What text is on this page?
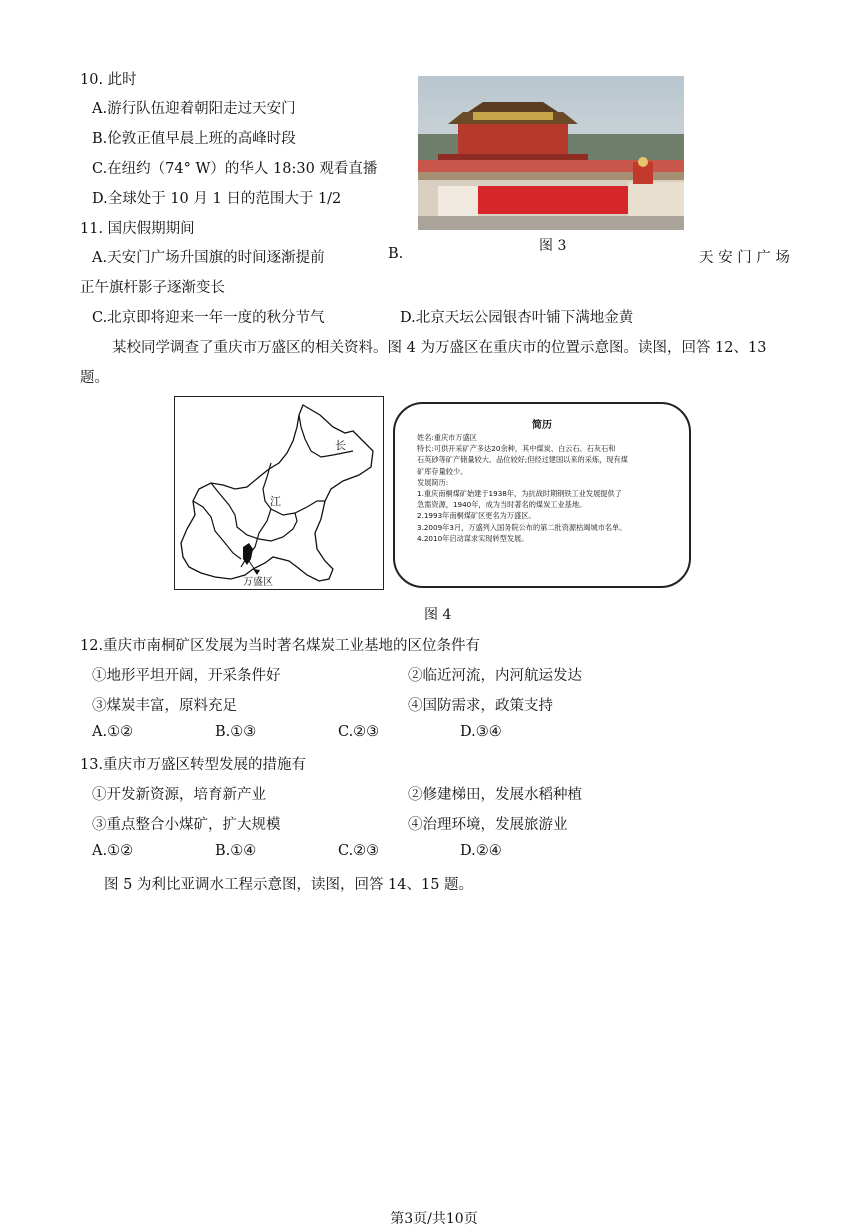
10. 此时
A.游行队伍迎着朝阳走过天安门
B.伦敦正值早晨上班的高峰时段
C.在纽约（74° W）的华人 18:30 观看直播
D.全球处于 10 月 1 日的范围大于 1/2
图 3
11. 国庆假期期间
A.天安门广场升国旗的时间逐渐提前	B.	天 安 门 广 场
正午旗杆影子逐渐变长
C.北京即将迎来一年一度的秋分节气	D.北京天坛公园银杏叶铺下满地金黄
某校同学调查了重庆市万盛区的相关资料。图 4 为万盛区在重庆市的位置示意图。读图，回答 12、13
题。
长
江
万盛区
简历
姓名:重庆市万盛区
特长:可供开采矿产多达20余种，其中煤炭、白云石、石灰石和
石英砂等矿产储量较大、品位较好;但经过建国以来的采炼，现有煤
矿库存量较少。
发展简历:
1.重庆南桐煤矿始建于1938年，为抗战时期钢铁工业发展提供了
急需资源，1940年，成为当时著名的煤炭工业基地。
2.1993年南桐煤矿区更名为万盛区。
3.2009年3月，万盛列入国务院公布的第二批资源枯竭城市名单。
4.2010年启动谋求实现转型发展。
图 4
12.重庆市南桐矿区发展为当时著名煤炭工业基地的区位条件有
①地形平坦开阔，开采条件好	②临近河流，内河航运发达
③煤炭丰富，原料充足	④国防需求，政策支持
A.①②	B.①③	C.②③	D.③④
13.重庆市万盛区转型发展的措施有
①开发新资源，培育新产业	②修建梯田，发展水稻种植
③重点整合小煤矿，扩大规模	④治理环境，发展旅游业
A.①②	B.①④	C.②③	D.②④
图 5 为利比亚调水工程示意图，读图，回答 14、15 题。
第3页/共10页
